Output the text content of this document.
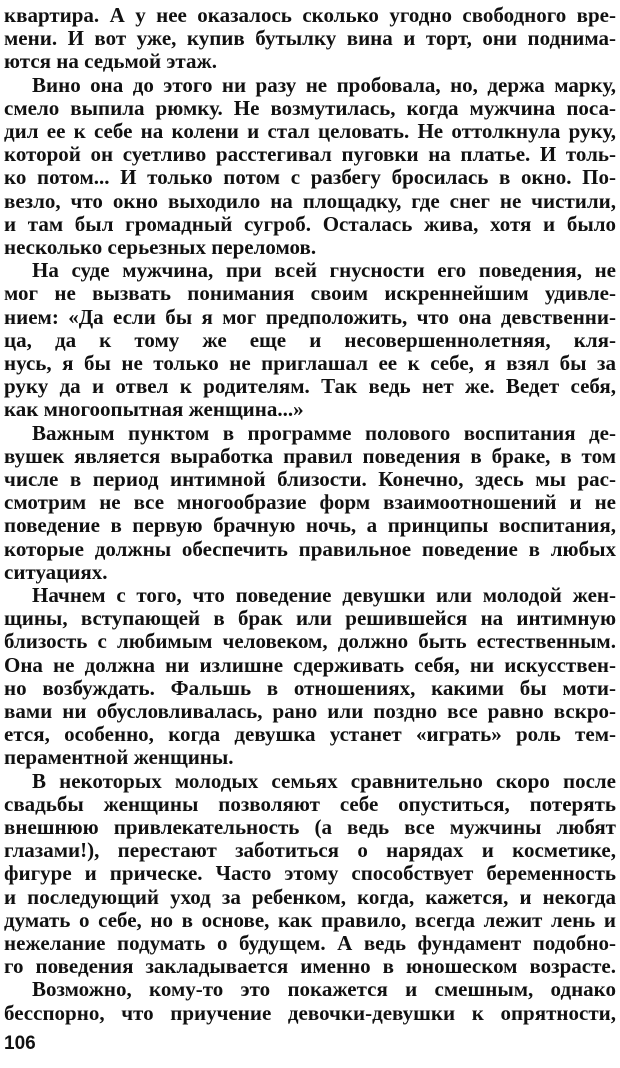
квартира. А у нее оказалось сколько угодно свободного вре-
мени. И вот уже, купив бутылку вина и торт, они поднима-
ются на седьмой этаж.
Вино она до этого ни разу не пробовала, но, держа марку,
смело выпила рюмку. Не возмутилась, когда мужчина поса-
дил ее к себе на колени и стал целовать. Не оттолкнула руку,
которой он суетливо расстегивал пуговки на платье. И толь-
ко потом... И только потом с разбегу бросилась в окно. По-
везло, что окно выходило на площадку, где снег не чистили,
и там был громадный сугроб. Осталась жива, хотя и было
несколько серьезных переломов.
На суде мужчина, при всей гнусности его поведения, не
мог не вызвать понимания своим искреннейшим удивле-
нием: «Да если бы я мог предположить, что она девственни-
ца, да к тому же еще и несовершеннолетняя, кля-
нусь, я бы не только не приглашал ее к себе, я взял бы за
руку да и отвел к родителям. Так ведь нет же. Ведет себя,
как многоопытная женщина...»
Важным пунктом в программе полового воспитания де-
вушек является выработка правил поведения в браке, в том
числе в период интимной близости. Конечно, здесь мы рас-
смотрим не все многообразие форм взаимоотношений и не
поведение в первую брачную ночь, а принципы воспитания,
которые должны обеспечить правильное поведение в любых
ситуациях.
Начнем с того, что поведение девушки или молодой жен-
щины, вступающей в брак или решившейся на интимную
близость с любимым человеком, должно быть естественным.
Она не должна ни излишне сдерживать себя, ни искусствен-
но возбуждать. Фальшь в отношениях, какими бы моти-
вами ни обусловливалась, рано или поздно все равно вскро-
ется, особенно, когда девушка устанет «играть» роль тем-
пераментной женщины.
В некоторых молодых семьях сравнительно скоро после
свадьбы женщины позволяют себе опуститься, потерять
внешнюю привлекательность (а ведь все мужчины любят
глазами!), перестают заботиться о нарядах и косметике,
фигуре и прическе. Часто этому способствует беременность
и последующий уход за ребенком, когда, кажется, и некогда
думать о себе, но в основе, как правило, всегда лежит лень и
нежелание подумать о будущем. А ведь фундамент подобно-
го поведения закладывается именно в юношеском возрасте.
Возможно, кому-то это покажется и смешным, однако
бесспорно, что приучение девочки-девушки к опрятности,
106
